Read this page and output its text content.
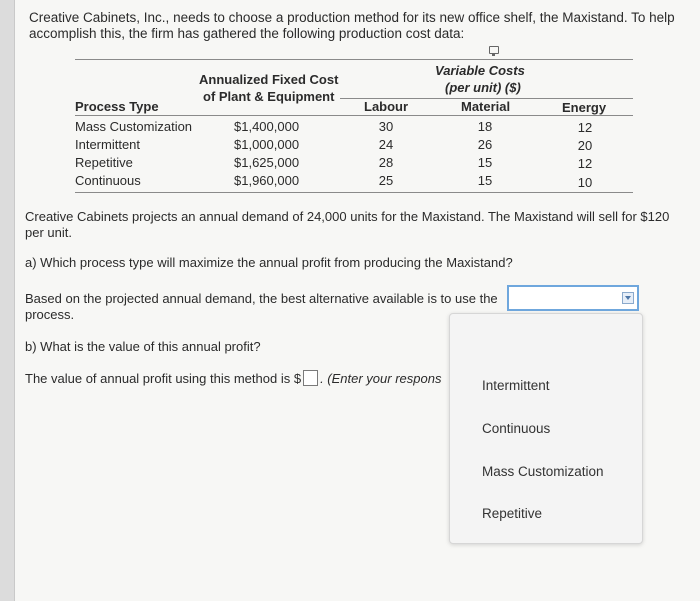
Creative Cabinets, Inc., needs to choose a production method for its new office shelf, the Maxistand. To help accomplish this, the firm has gathered the following production cost data:
Annualized Fixed Cost
of Plant & Equipment
Variable Costs
(per unit) ($)
Process Type	Labour	Material	Energy
Mass Customization	$1,400,000	30	18	12
Intermittent	$1,000,000	24	26	20
Repetitive	$1,625,000	28	15	12
Continuous	$1,960,000	25	15	10
Creative Cabinets projects an annual demand of 24,000 units for the Maxistand. The Maxistand will sell for $120 per unit.
a) Which process type will maximize the annual profit from producing the Maxistand?
Based on the projected annual demand, the best alternative available is to use the
process.
b) What is the value of this annual profit?
The value of annual profit using this method is $ . (Enter your respons	Intermittent
Continuous
Mass Customization
Repetitive
